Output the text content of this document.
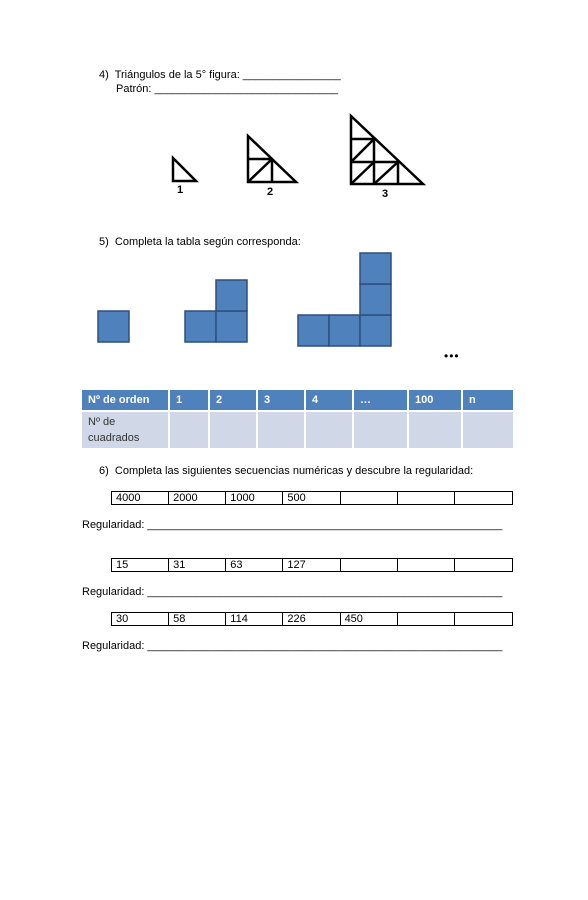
4)  Triángulos de la 5° figura: ________________
Patrón: ______________________________
1	2	3
5)  Completa la tabla según corresponda:
•••
Nº de orden	1	2	3	4	…	100	n

Nº de
cuadrados							

6)  Completa las siguientes secuencias numéricas y descubre la regularidad:
4000	2000	1000	500			
Regularidad: __________________________________________________________
15	31	63	127			
Regularidad: __________________________________________________________
30	58	114	226	450		
Regularidad: __________________________________________________________
